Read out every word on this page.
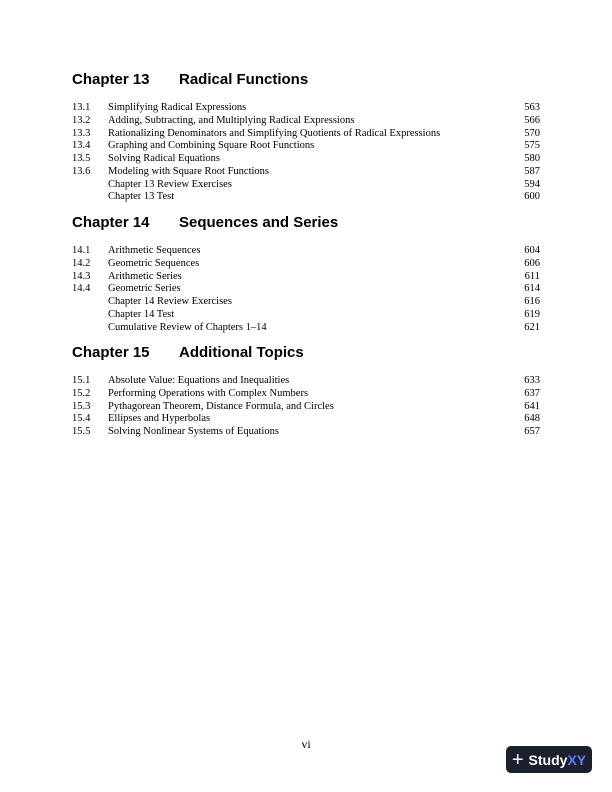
Chapter 13 Radical Functions
13.1 Simplifying Radical Expressions	563
13.2 Adding, Subtracting, and Multiplying Radical Expressions	566
13.3 Rationalizing Denominators and Simplifying Quotients of Radical Expressions	570
13.4 Graphing and Combining Square Root Functions	575
13.5 Solving Radical Equations	580
13.6 Modeling with Square Root Functions	587
Chapter 13 Review Exercises	594
Chapter 13 Test	600
Chapter 14 Sequences and Series
14.1 Arithmetic Sequences	604
14.2 Geometric Sequences	606
14.3 Arithmetic Series	611
14.4 Geometric Series	614
Chapter 14 Review Exercises	616
Chapter 14 Test	619
Cumulative Review of Chapters 1–14	621
Chapter 15 Additional Topics
15.1 Absolute Value: Equations and Inequalities	633
15.2 Performing Operations with Complex Numbers	637
15.3 Pythagorean Theorem, Distance Formula, and Circles	641
15.4 Ellipses and Hyperbolas	648
15.5 Solving Nonlinear Systems of Equations	657
vi
+ Study XY
